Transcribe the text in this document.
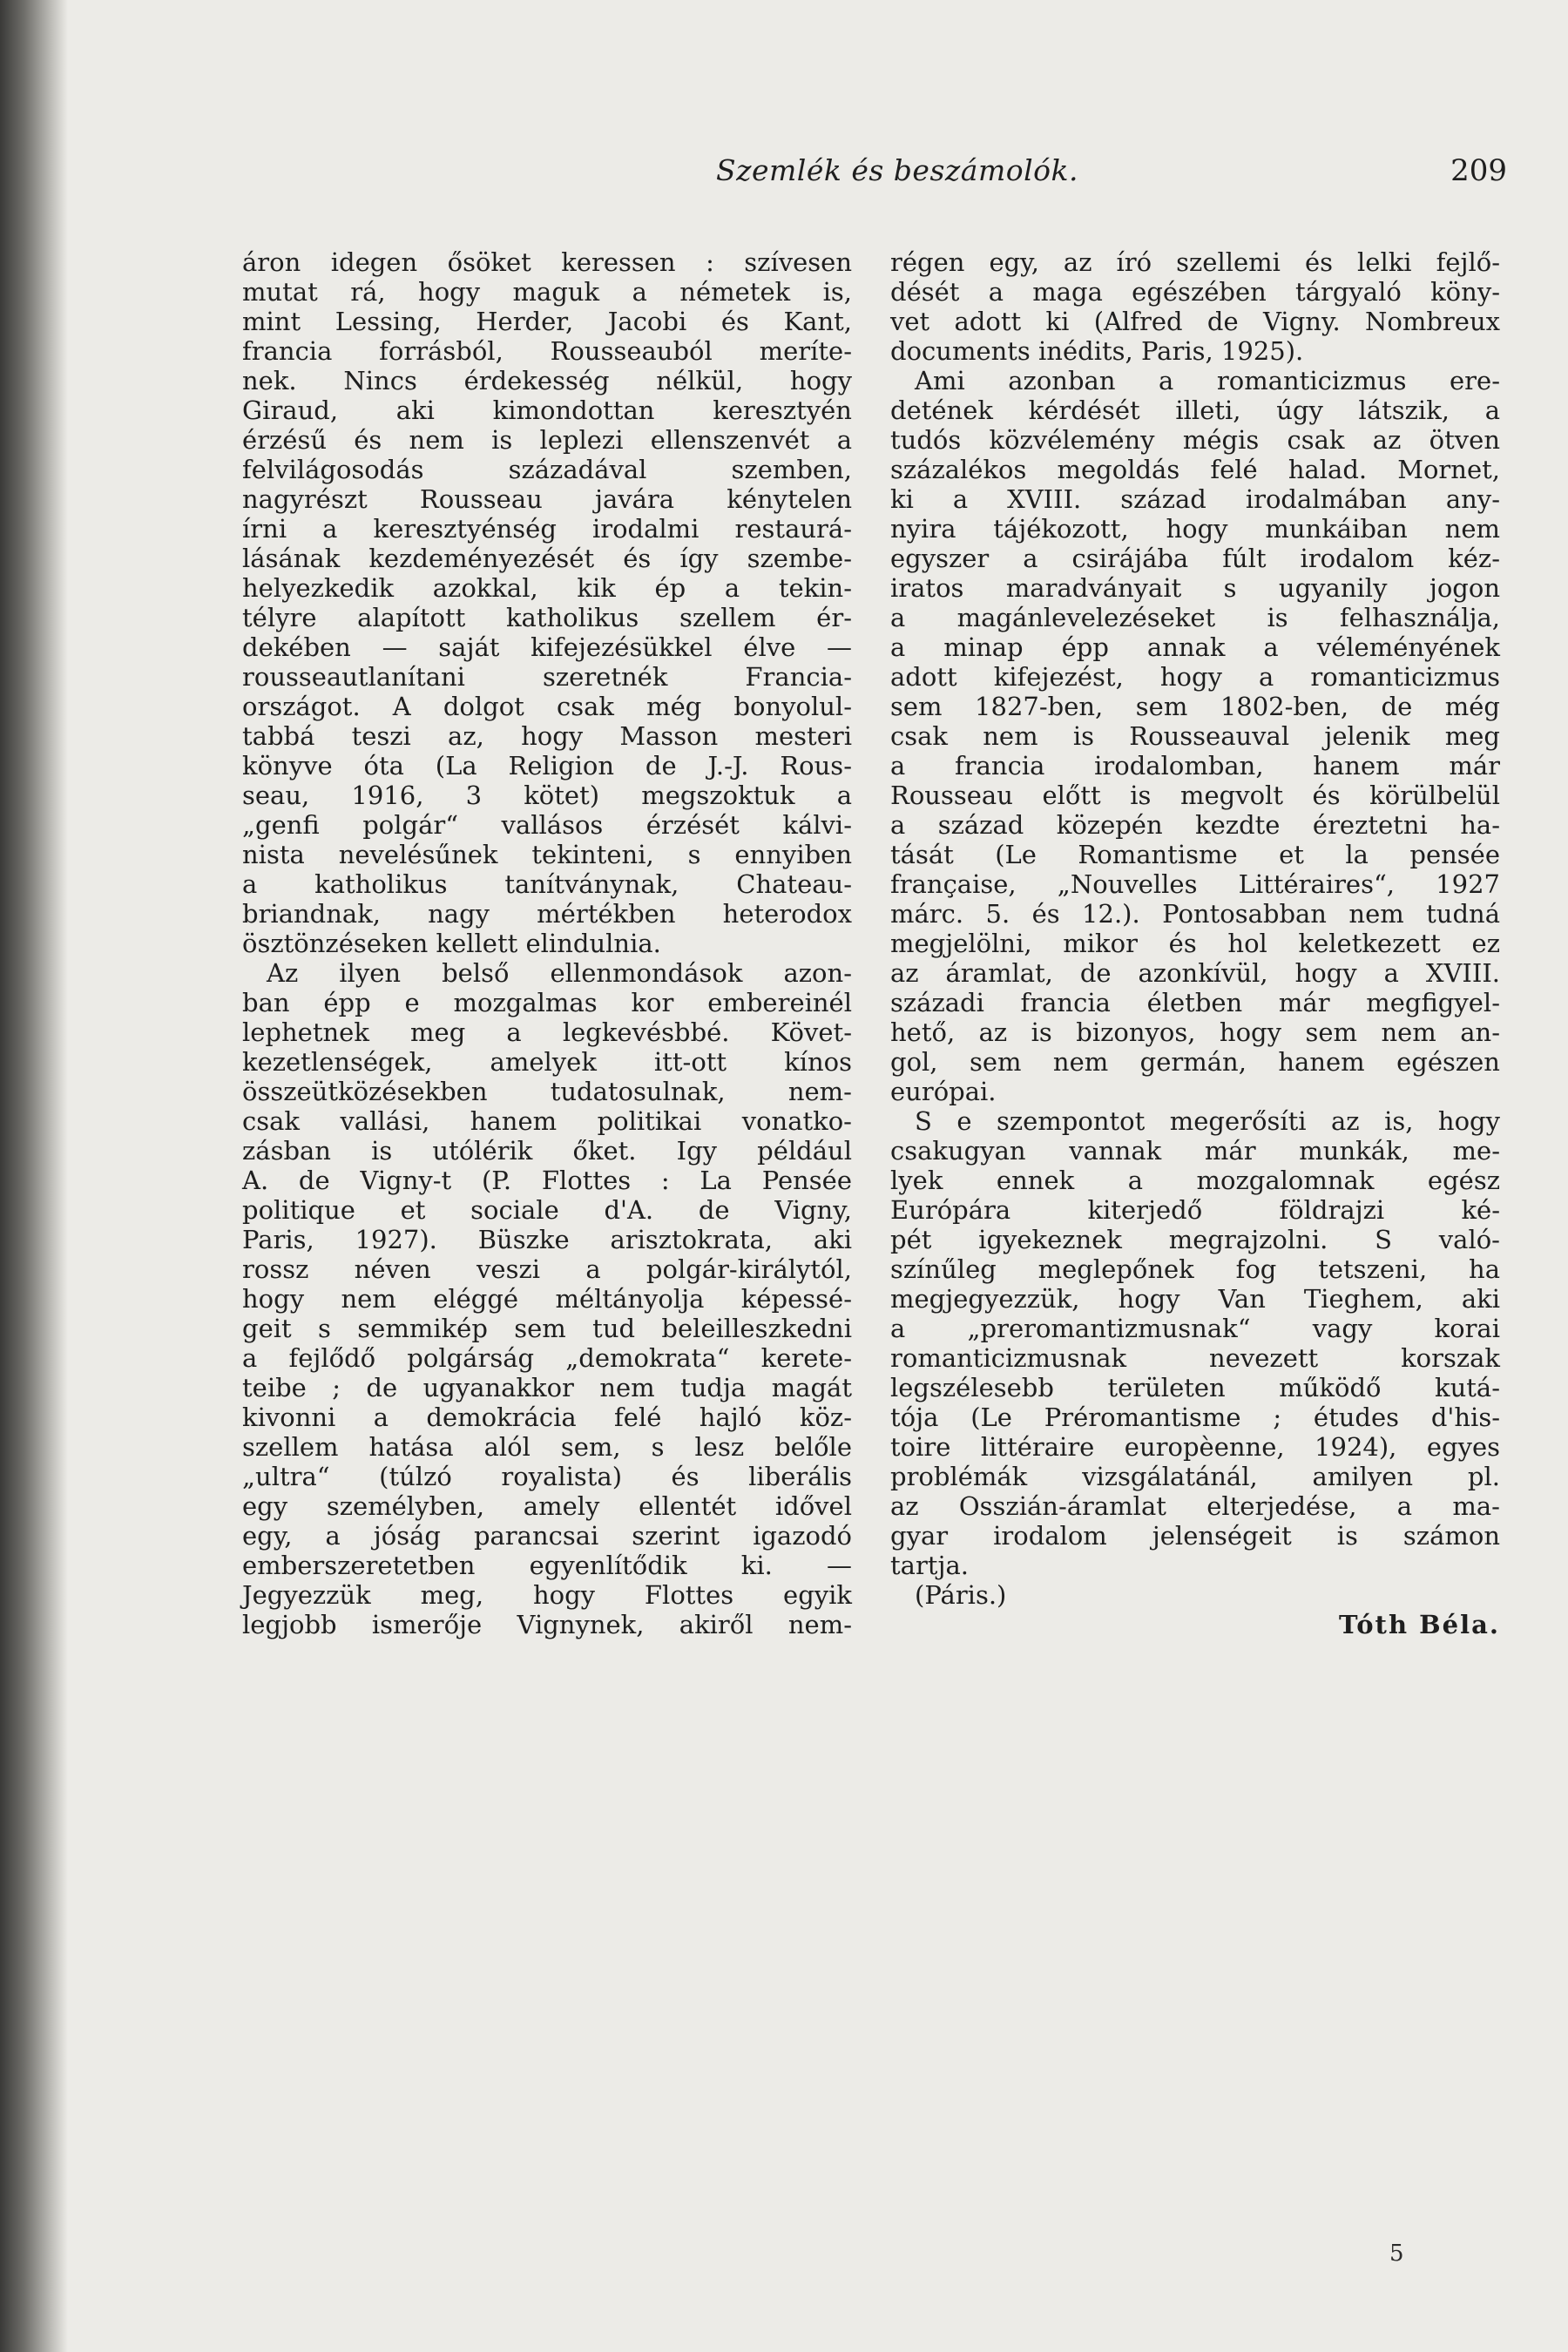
Szemlék és beszámolók.	209
áron idegen ősöket keressen : szívesen
mutat rá, hogy maguk a németek is,
mint Lessing, Herder, Jacobi és Kant,
francia forrásból, Rousseauból meríte-
nek. Nincs érdekesség nélkül, hogy
Giraud, aki kimondottan keresztyén
érzésű és nem is leplezi ellenszenvét a
felvilágosodás századával szemben,
nagyrészt Rousseau javára kénytelen
írni a keresztyénség irodalmi restaurá-
lásának kezdeményezését és így szembe-
helyezkedik azokkal, kik ép a tekin-
télyre alapított katholikus szellem ér-
dekében — saját kifejezésükkel élve —
rousseautlanítani szeretnék Francia-
országot. A dolgot csak még bonyolul-
tabbá teszi az, hogy Masson mesteri
könyve óta (La Religion de J.-J. Rous-
seau, 1916, 3 kötet) megszoktuk a
„genfi polgár“ vallásos érzését kálvi-
nista nevelésűnek tekinteni, s ennyiben
a katholikus tanítványnak, Chateau-
briandnak, nagy mértékben heterodox
ösztönzéseken kellett elindulnia.
Az ilyen belső ellenmondások azon-
ban épp e mozgalmas kor embereinél
lephetnek meg a legkevésbbé. Követ-
kezetlenségek, amelyek itt-ott kínos
összeütközésekben tudatosulnak, nem-
csak vallási, hanem politikai vonatko-
zásban is utólérik őket. Igy például
A. de Vigny-t (P. Flottes : La Pensée
politique et sociale d'A. de Vigny,
Paris, 1927). Büszke arisztokrata, aki
rossz néven veszi a polgár-királytól,
hogy nem eléggé méltányolja képessé-
geit s semmikép sem tud beleilleszkedni
a fejlődő polgárság „demokrata“ kerete-
teibe ; de ugyanakkor nem tudja magát
kivonni a demokrácia felé hajló köz-
szellem hatása alól sem, s lesz belőle
„ultra“ (túlzó royalista) és liberális
egy személyben, amely ellentét idővel
egy, a jóság parancsai szerint igazodó
emberszeretetben egyenlítődik ki. —
Jegyezzük meg, hogy Flottes egyik
legjobb ismerője Vignynek, akiről nem-
régen egy, az író szellemi és lelki fejlő-
dését a maga egészében tárgyaló köny-
vet adott ki (Alfred de Vigny. Nombreux
documents inédits, Paris, 1925).
Ami azonban a romanticizmus ere-
detének kérdését illeti, úgy látszik, a
tudós közvélemény mégis csak az ötven
százalékos megoldás felé halad. Mornet,
ki a XVIII. század irodalmában any-
nyira tájékozott, hogy munkáiban nem
egyszer a csirájába fúlt irodalom kéz-
iratos maradványait s ugyanily jogon
a magánlevelezéseket is felhasználja,
a minap épp annak a véleményének
adott kifejezést, hogy a romanticizmus
sem 1827-ben, sem 1802-ben, de még
csak nem is Rousseauval jelenik meg
a francia irodalomban, hanem már
Rousseau előtt is megvolt és körülbelül
a század közepén kezdte éreztetni ha-
tását (Le Romantisme et la pensée
française, „Nouvelles Littéraires“, 1927
márc. 5. és 12.). Pontosabban nem tudná
megjelölni, mikor és hol keletkezett ez
az áramlat, de azonkívül, hogy a XVIII.
századi francia életben már megfigyel-
hető, az is bizonyos, hogy sem nem an-
gol, sem nem germán, hanem egészen
európai.
S e szempontot megerősíti az is, hogy
csakugyan vannak már munkák, me-
lyek ennek a mozgalomnak egész
Európára kiterjedő földrajzi ké-
pét igyekeznek megrajzolni. S való-
színűleg meglepőnek fog tetszeni, ha
megjegyezzük, hogy Van Tieghem, aki
a „preromantizmusnak“ vagy korai
romanticizmusnak nevezett korszak
legszélesebb területen működő kutá-
tója (Le Préromantisme ; études d'his-
toire littéraire europèenne, 1924), egyes
problémák vizsgálatánál, amilyen pl.
az Osszián-áramlat elterjedése, a ma-
gyar irodalom jelenségeit is számon
tartja.
(Páris.)
Tóth Béla.
5
